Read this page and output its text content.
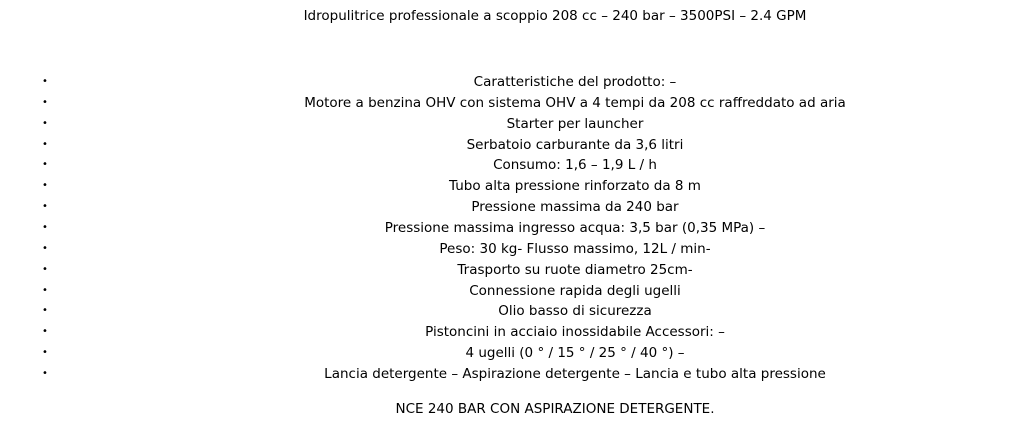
Idropulitrice professionale a scoppio 208 cc – 240 bar – 3500PSI – 2.4 GPM
•	Caratteristiche del prodotto: –
•	Motore a benzina OHV con sistema OHV a 4 tempi da 208 cc raffreddato ad aria
•	Starter per launcher
•	Serbatoio carburante da 3,6 litri
•	Consumo: 1,6 – 1,9 L / h
•	Tubo alta pressione rinforzato da 8 m
•	Pressione massima da 240 bar
•	Pressione massima ingresso acqua: 3,5 bar (0,35 MPa) –
•	Peso: 30 kg- Flusso massimo, 12L / min-
•	Trasporto su ruote diametro 25cm-
•	Connessione rapida degli ugelli
•	Olio basso di sicurezza
•	Pistoncini in acciaio inossidabile Accessori: –
•	4 ugelli (0 ° / 15 ° / 25 ° / 40 °) –
•	Lancia detergente – Aspirazione detergente – Lancia e tubo alta pressione
NCE 240 BAR CON ASPIRAZIONE DETERGENTE.
